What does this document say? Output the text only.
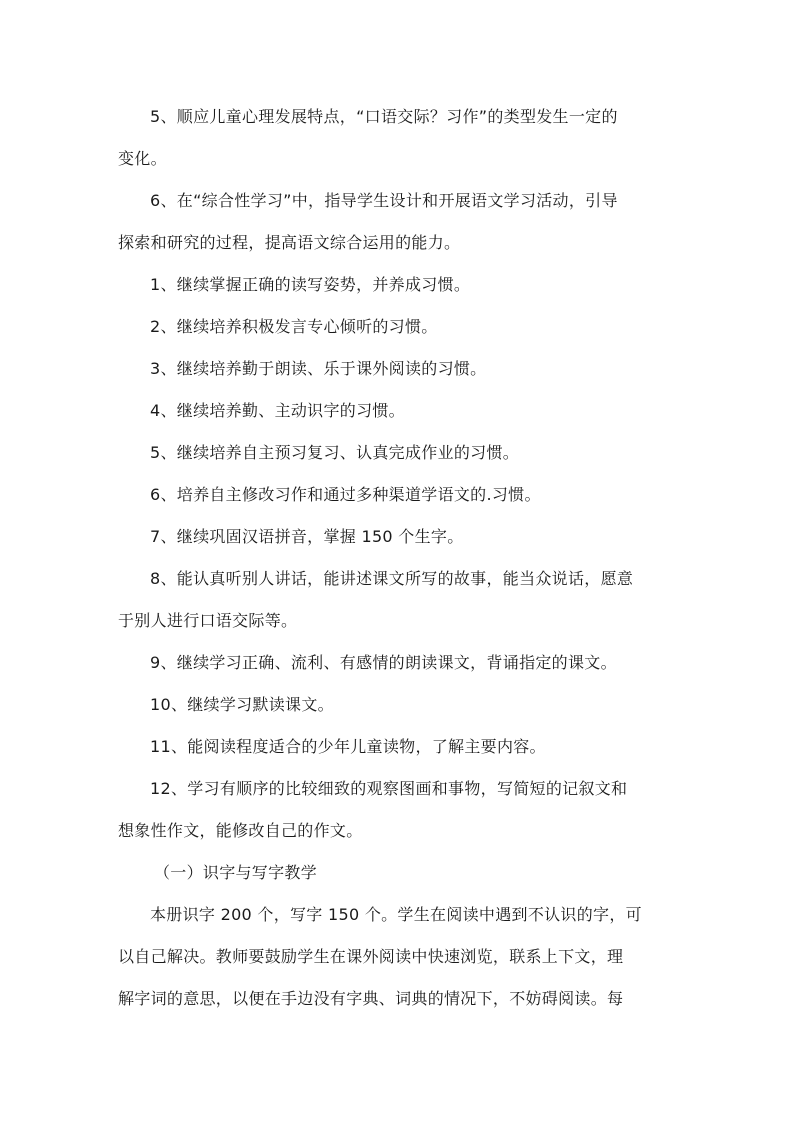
5、顺应儿童心理发展特点，“口语交际？习作”的类型发生一定的
变化。
6、在“综合性学习”中，指导学生设计和开展语文学习活动，引导
探索和研究的过程，提高语文综合运用的能力。
1、继续掌握正确的读写姿势，并养成习惯。
2、继续培养积极发言专心倾听的习惯。
3、继续培养勤于朗读、乐于课外阅读的习惯。
4、继续培养勤、主动识字的习惯。
5、继续培养自主预习复习、认真完成作业的习惯。
6、培养自主修改习作和通过多种渠道学语文的.习惯。
7、继续巩固汉语拼音，掌握 150 个生字。
8、能认真听别人讲话，能讲述课文所写的故事，能当众说话，愿意
于别人进行口语交际等。
9、继续学习正确、流利、有感情的朗读课文，背诵指定的课文。
10、继续学习默读课文。
11、能阅读程度适合的少年儿童读物，了解主要内容。
12、学习有顺序的比较细致的观察图画和事物，写简短的记叙文和
想象性作文，能修改自己的作文。
（一）识字与写字教学
本册识字 200 个，写字 150 个。学生在阅读中遇到不认识的字，可
以自己解决。教师要鼓励学生在课外阅读中快速浏览，联系上下文，理
解字词的意思，以便在手边没有字典、词典的情况下，不妨碍阅读。每
